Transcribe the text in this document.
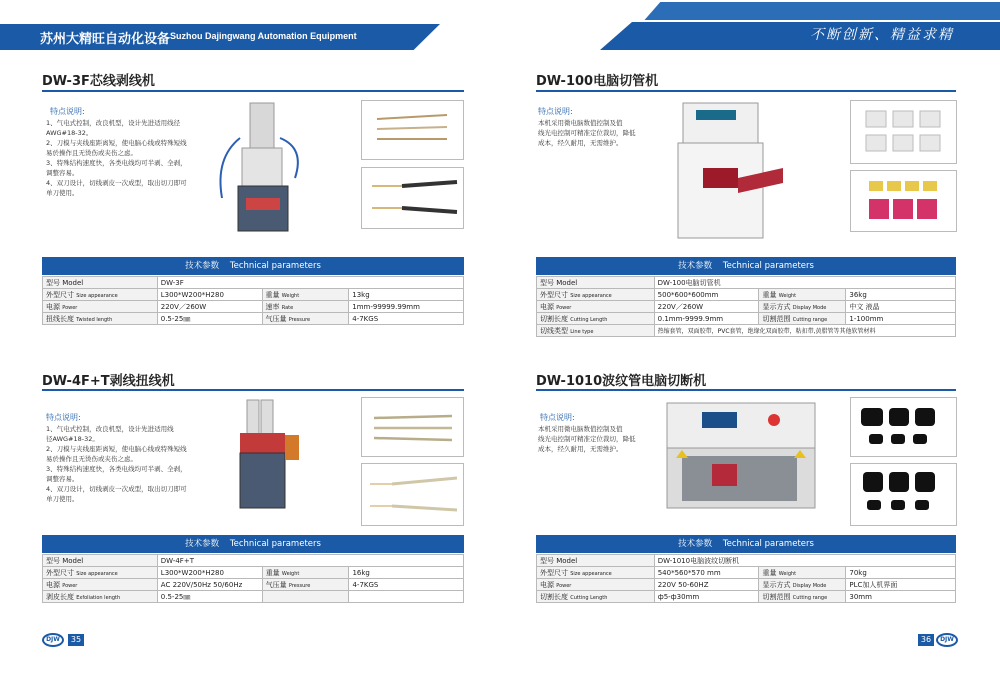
苏州大精旺自动化设备 Suzhou Dajingwang Automation Equipment	不断创新、精益求精
DW-3F芯线剥线机
特点说明:
1、气电式控制，改良机型，设计先进适用线径
AWG#18-32。
2、刀模与夹线座距离短，使电脑心线或特殊短线
易於操作且无烫伤或夹伤之虑。
3、特殊结构速度快，各类电线均可半剥、全剥，
调整容易。
4、双刀设计，切线剥皮一次成型，取出切刀即可
单刀使用。
技术参数 Technical parameters
型号 Model	DW-3F		
外型尺寸 Size appearance	L300*W200*H280	重量 Weight	13kg
电源 Power	220V／260W	速率 Rate	1mm-99999.99mm
扭线长度 Twisted length	0.5-25㎜	气压量 Pressure	4-7KGS
DW-100电脑切管机
特点说明:
本机采用微电脑数值控制及值
线光电控制可精准定位裁切，降低
成本，经久耐用，无需维护。
技术参数 Technical parameters
型号 Model	DW-100电脑切管机		
外型尺寸 Size appearance	500*600*600mm	重量 Weight	36kg
电源 Power	220V／260W	显示方式 Display Mode	中文 液晶
切割长度 Cutting Length	0.1mm-9999.9mm	切割范围 Cutting range	1-100mm
切线类型 Line type	热缩套管，双面胶带，PVC套管，绝缘化双面胶带，粘扣带,黄腊管等其他软管材料		
DW-4F+T剥线扭线机
特点说明:
1、气电式控制，改良机型，设计先进适用线
径AWG#18-32。
2、刀模与夹线座距离短，使电脑心线或特殊短线
易於操作且无烫伤或夹伤之虑。
3、特殊结构速度快，各类电线均可半剥、全剥，
调整容易。
4、双刀设计，切线剥皮一次成型，取出切刀即可
单刀使用。
技术参数 Technical parameters
型号 Model	DW-4F+T		
外型尺寸 Size appearance	L300*W200*H280	重量 Weight	16kg
电源 Power	AC 220V/50Hz 50/60Hz	气压量 Pressure	4-7KGS
剥皮长度 Exfoliation length	0.5-25㎜		
DW-1010波纹管电脑切断机
特点说明:
本机采用微电脑数值控制及值
线光电控制可精准定位裁切，降低
成本，经久耐用，无需维护。
技术参数 Technical parameters
型号 Model	DW-1010电脑波纹切断机		
外型尺寸 Size appearance	540*560*570 mm	重量 Weight	70kg
电源 Power	220V 50-60HZ	显示方式 Display Mode	PLC加人机界面
切割长度 Cutting Length	ф5-ф30mm	切割范围 Cutting range	30mm
DJW	35	36	DJW
